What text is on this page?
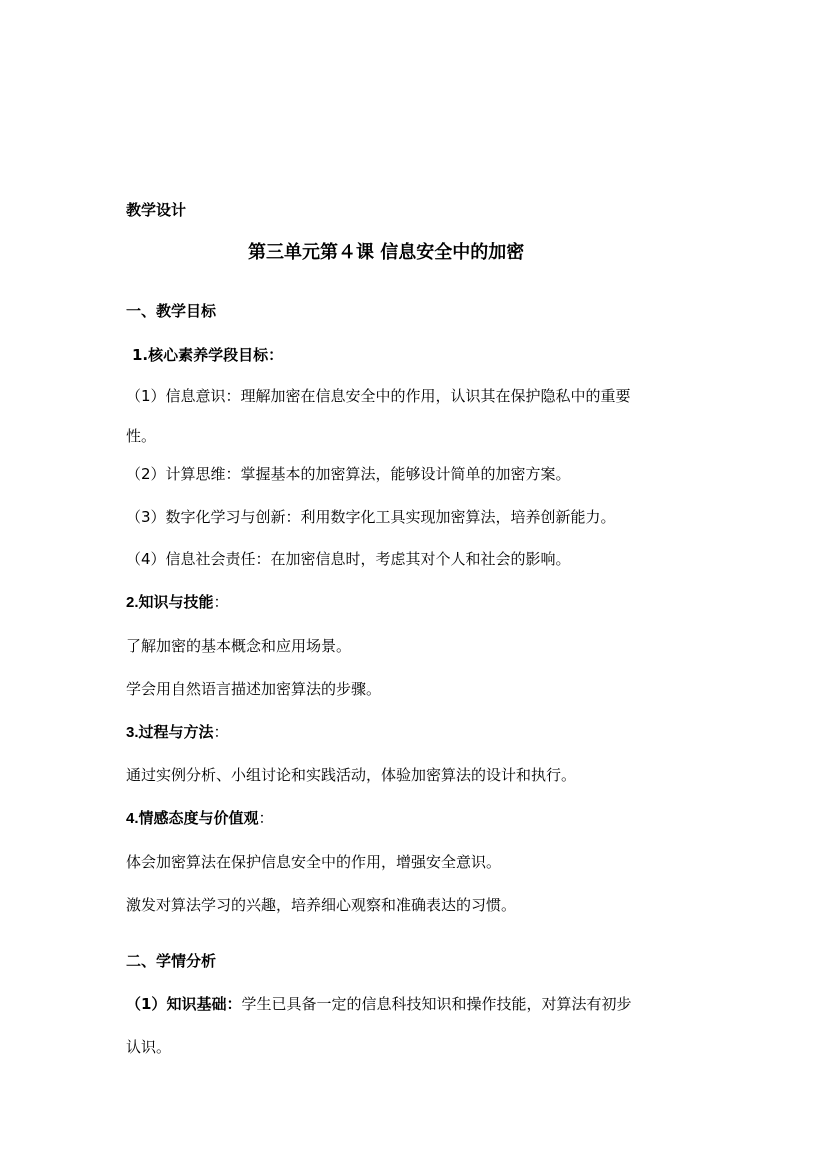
教学设计
第三单元第４课 信息安全中的加密
一、教学目标
1.核心素养学段目标：
（1）信息意识：理解加密在信息安全中的作用，认识其在保护隐私中的重要
性。
（2）计算思维：掌握基本的加密算法，能够设计简单的加密方案。
（3）数字化学习与创新：利用数字化工具实现加密算法，培养创新能力。
（4）信息社会责任：在加密信息时，考虑其对个人和社会的影响。
2.知识与技能：
了解加密的基本概念和应用场景。
学会用自然语言描述加密算法的步骤。
3.过程与方法：
通过实例分析、小组讨论和实践活动，体验加密算法的设计和执行。
4.情感态度与价值观：
体会加密算法在保护信息安全中的作用，增强安全意识。
激发对算法学习的兴趣，培养细心观察和准确表达的习惯。
二、学情分析
（1）知识基础：学生已具备一定的信息科技知识和操作技能，对算法有初步
认识。
